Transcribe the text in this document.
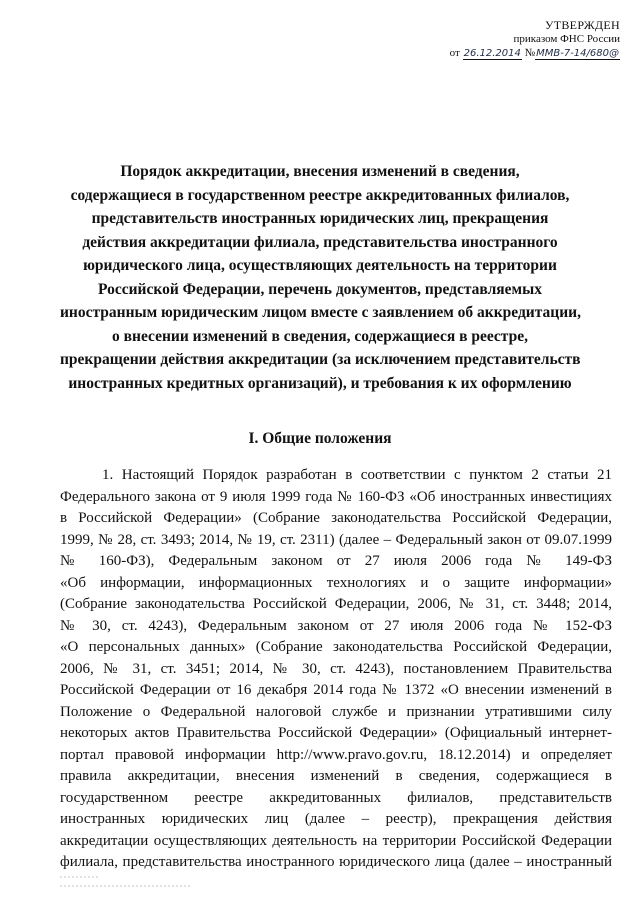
УТВЕРЖДЕН
приказом ФНС России
от 26.12.2014 №ММВ-7-14/680@
Порядок аккредитации, внесения изменений в сведения,
содержащиеся в государственном реестре аккредитованных филиалов,
представительств иностранных юридических лиц, прекращения
действия аккредитации филиала, представительства иностранного
юридического лица, осуществляющих деятельность на территории
Российской Федерации, перечень документов, представляемых
иностранным юридическим лицом вместе с заявлением об аккредитации,
о внесении изменений в сведения, содержащиеся в реестре,
прекращении действия аккредитации (за исключением представительств
иностранных кредитных организаций), и требования к их оформлению
I. Общие положения
1. Настоящий Порядок разработан в соответствии с пунктом 2 статьи 21
Федерального закона от 9 июля 1999 года № 160-ФЗ «Об иностранных инвестициях
в Российской Федерации» (Собрание законодательства Российской Федерации,
1999, № 28, ст. 3493; 2014, № 19, ст. 2311) (далее – Федеральный закон от 09.07.1999
№ 160-ФЗ), Федеральным законом от 27 июля 2006 года № 149-ФЗ
«Об информации, информационных технологиях и о защите информации»
(Собрание законодательства Российской Федерации, 2006, № 31, ст. 3448; 2014,
№ 30, ст. 4243), Федеральным законом от 27 июля 2006 года № 152-ФЗ
«О персональных данных» (Собрание законодательства Российской Федерации,
2006, № 31, ст. 3451; 2014, № 30, ст. 4243), постановлением Правительства
Российской Федерации от 16 декабря 2014 года № 1372 «О внесении изменений в
Положение о Федеральной налоговой службе и признании утратившими силу
некоторых актов Правительства Российской Федерации» (Официальный интернет-
портал правовой информации http://www.pravo.gov.ru, 18.12.2014) и определяет
правила аккредитации, внесения изменений в сведения, содержащиеся в
государственном реестре аккредитованных филиалов, представительств
иностранных юридических лиц (далее – реестр), прекращения действия
аккредитации осуществляющих деятельность на территории Российской Федерации
филиала, представительства иностранного юридического лица (далее – иностранный
